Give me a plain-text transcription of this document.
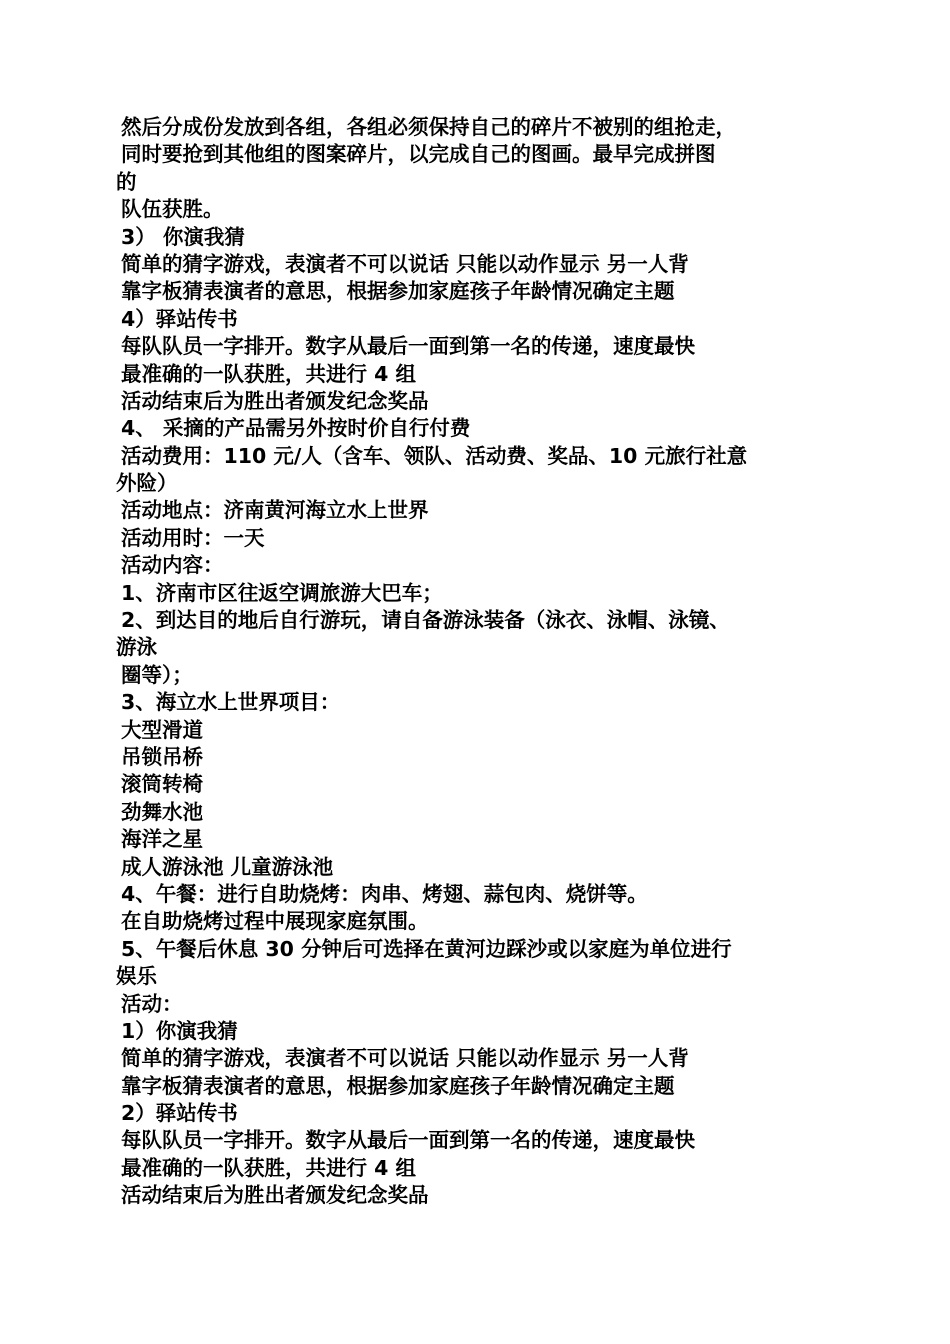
然后分成份发放到各组，各组必须保持自己的碎片不被别的组抢走，
同时要抢到其他组的图案碎片，以完成自己的图画。最早完成拼图
的
队伍获胜。
3） 你演我猜
简单的猜字游戏，表演者不可以说话 只能以动作显示 另一人背
靠字板猜表演者的意思，根据参加家庭孩子年龄情况确定主题
4）驿站传书
每队队员一字排开。数字从最后一面到第一名的传递，速度最快
最准确的一队获胜，共进行 4 组
活动结束后为胜出者颁发纪念奖品
4、 采摘的产品需另外按时价自行付费
活动费用：110 元/人（含车、领队、活动费、奖品、10 元旅行社意
外险）
活动地点：济南黄河海立水上世界
活动用时：一天
活动内容：
1、济南市区往返空调旅游大巴车；
2、到达目的地后自行游玩，请自备游泳装备（泳衣、泳帽、泳镜、
游泳
圈等）；
3、海立水上世界项目：
大型滑道
吊锁吊桥
滚筒转椅
劲舞水池
海洋之星
成人游泳池 儿童游泳池
4、午餐：进行自助烧烤：肉串、烤翅、蒜包肉、烧饼等。
在自助烧烤过程中展现家庭氛围。
5、午餐后休息 30 分钟后可选择在黄河边踩沙或以家庭为单位进行
娱乐
活动：
1）你演我猜
简单的猜字游戏，表演者不可以说话 只能以动作显示 另一人背
靠字板猜表演者的意思，根据参加家庭孩子年龄情况确定主题
2）驿站传书
每队队员一字排开。数字从最后一面到第一名的传递，速度最快
最准确的一队获胜，共进行 4 组
活动结束后为胜出者颁发纪念奖品
